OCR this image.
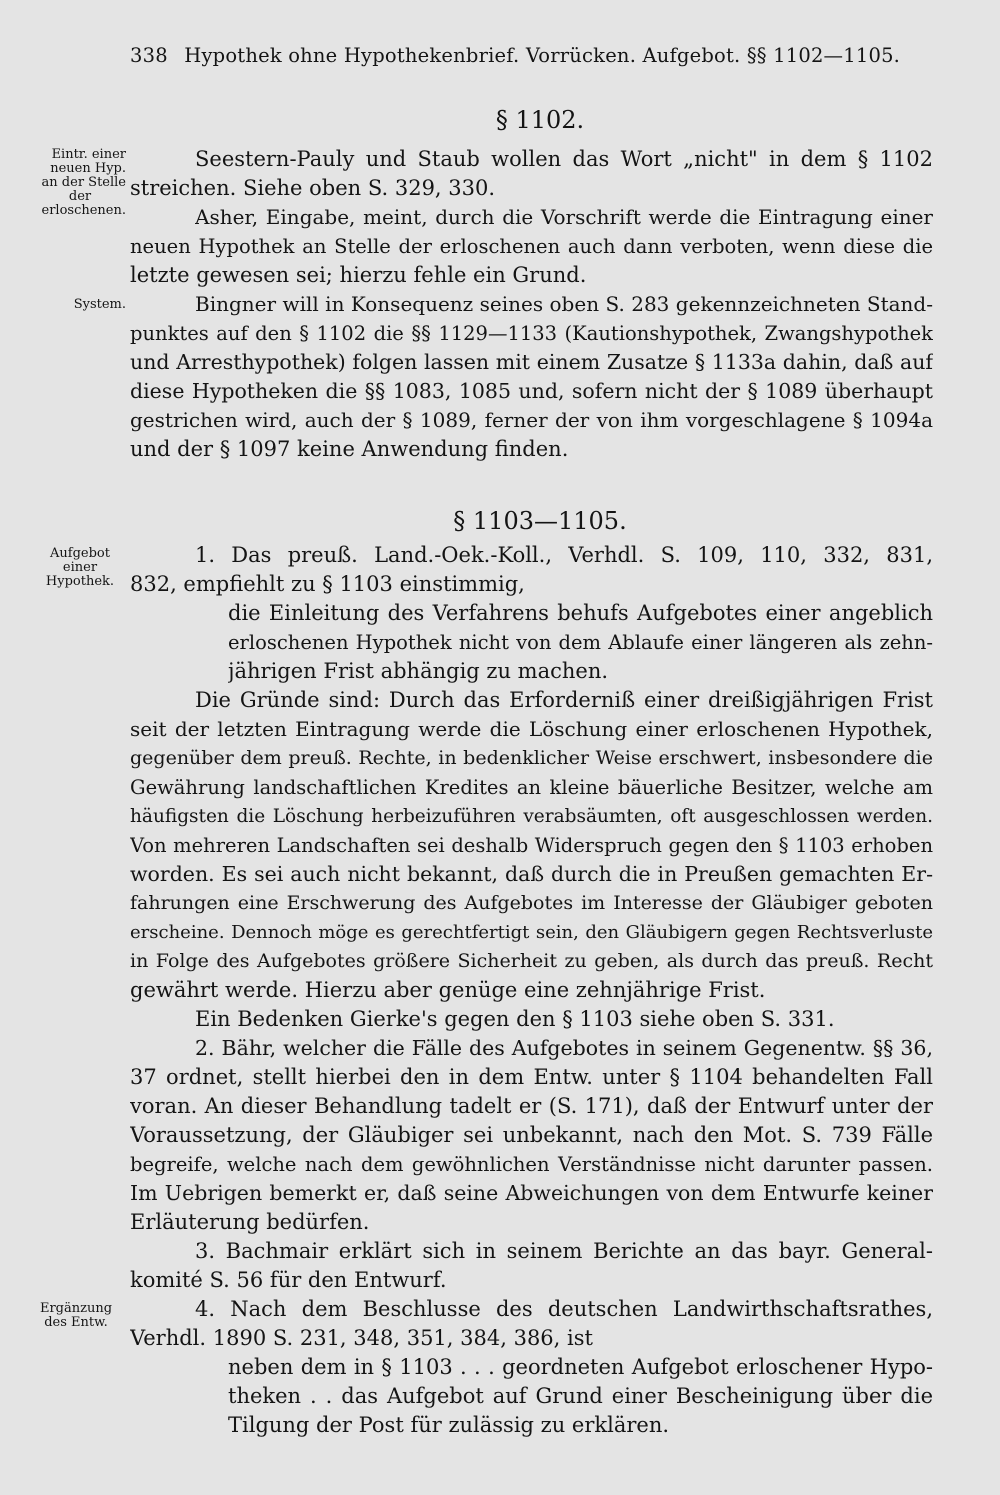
338 Hypothek ohne Hypothekenbrief. Vorrücken. Aufgebot. §§ 1102—1105.
§ 1102.
§ 1103—1105.
Eintr. einer
neuen Hyp.
an der Stelle
der
erloschenen.
System.
Aufgebot
einer
Hypothek.
Ergänzung
des Entw.
Seestern-Pauly und Staub wollen das Wort „nicht" in dem § 1102
streichen. Siehe oben S. 329, 330.
Asher, Eingabe, meint, durch die Vorschrift werde die Eintragung einer
neuen Hypothek an Stelle der erloschenen auch dann verboten, wenn diese die
letzte gewesen sei; hierzu fehle ein Grund.
Bingner will in Konsequenz seines oben S. 283 gekennzeichneten Stand-
punktes auf den § 1102 die §§ 1129—1133 (Kautionshypothek, Zwangshypothek
und Arresthypothek) folgen lassen mit einem Zusatze § 1133a dahin, daß auf
diese Hypotheken die §§ 1083, 1085 und, sofern nicht der § 1089 überhaupt
gestrichen wird, auch der § 1089, ferner der von ihm vorgeschlagene § 1094a
und der § 1097 keine Anwendung finden.
1. Das preuß. Land.-Oek.-Koll., Verhdl. S. 109, 110, 332, 831,
832, empfiehlt zu § 1103 einstimmig,
die Einleitung des Verfahrens behufs Aufgebotes einer angeblich
erloschenen Hypothek nicht von dem Ablaufe einer längeren als zehn-
jährigen Frist abhängig zu machen.
Die Gründe sind: Durch das Erforderniß einer dreißigjährigen Frist
seit der letzten Eintragung werde die Löschung einer erloschenen Hypothek,
gegenüber dem preuß. Rechte, in bedenklicher Weise erschwert, insbesondere die
Gewährung landschaftlichen Kredites an kleine bäuerliche Besitzer, welche am
häufigsten die Löschung herbeizuführen verabsäumten, oft ausgeschlossen werden.
Von mehreren Landschaften sei deshalb Widerspruch gegen den § 1103 erhoben
worden. Es sei auch nicht bekannt, daß durch die in Preußen gemachten Er-
fahrungen eine Erschwerung des Aufgebotes im Interesse der Gläubiger geboten
erscheine. Dennoch möge es gerechtfertigt sein, den Gläubigern gegen Rechtsverluste
in Folge des Aufgebotes größere Sicherheit zu geben, als durch das preuß. Recht
gewährt werde. Hierzu aber genüge eine zehnjährige Frist.
Ein Bedenken Gierke's gegen den § 1103 siehe oben S. 331.
2. Bähr, welcher die Fälle des Aufgebotes in seinem Gegenentw. §§ 36,
37 ordnet, stellt hierbei den in dem Entw. unter § 1104 behandelten Fall
voran. An dieser Behandlung tadelt er (S. 171), daß der Entwurf unter der
Voraussetzung, der Gläubiger sei unbekannt, nach den Mot. S. 739 Fälle
begreife, welche nach dem gewöhnlichen Verständnisse nicht darunter passen.
Im Uebrigen bemerkt er, daß seine Abweichungen von dem Entwurfe keiner
Erläuterung bedürfen.
3. Bachmair erklärt sich in seinem Berichte an das bayr. General-
komité S. 56 für den Entwurf.
4. Nach dem Beschlusse des deutschen Landwirthschaftsrathes,
Verhdl. 1890 S. 231, 348, 351, 384, 386, ist
neben dem in § 1103 . . . geordneten Aufgebot erloschener Hypo-
theken . . das Aufgebot auf Grund einer Bescheinigung über die
Tilgung der Post für zulässig zu erklären.
